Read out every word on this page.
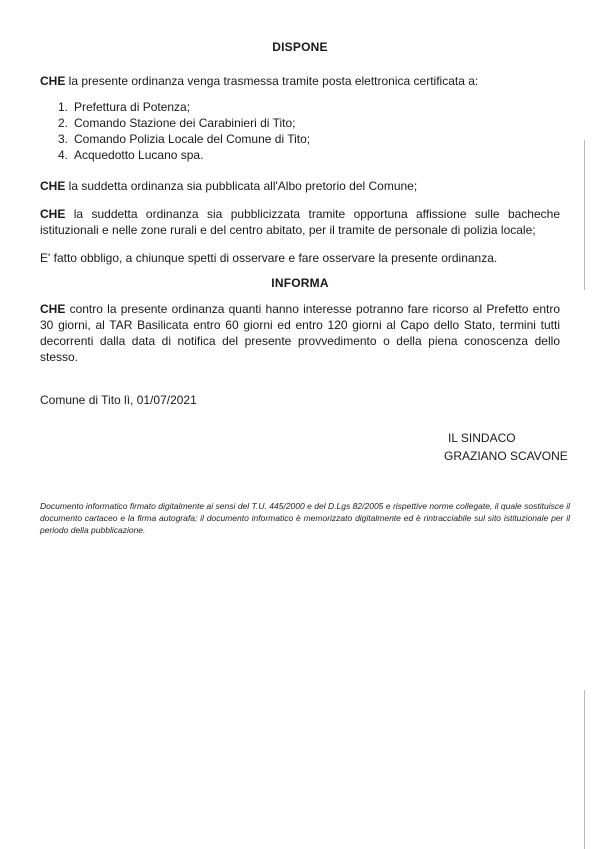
DISPONE
CHE la presente ordinanza venga trasmessa tramite posta elettronica certificata a:
1. Prefettura di Potenza;
2. Comando Stazione dei Carabinieri di Tito;
3. Comando Polizia Locale del Comune di Tito;
4. Acquedotto Lucano spa.
CHE la suddetta ordinanza sia pubblicata all'Albo pretorio del Comune;
CHE la suddetta ordinanza sia pubblicizzata tramite opportuna affissione sulle bacheche istituzionali e nelle zone rurali e del centro abitato, per il tramite de personale di polizia locale;
E' fatto obbligo, a chiunque spetti di osservare e fare osservare la presente ordinanza.
INFORMA
CHE contro la presente ordinanza quanti hanno interesse potranno fare ricorso al Prefetto entro 30 giorni, al TAR Basilicata entro 60 giorni ed entro 120 giorni al Capo dello Stato, termini tutti decorrenti dalla data di notifica del presente provvedimento o della piena conoscenza dello stesso.
Comune di Tito lì, 01/07/2021
IL SINDACO
GRAZIANO SCAVONE
Documento informatico firmato digitalmente ai sensi del T.U. 445/2000 e del D.Lgs 82/2005 e rispettive norme collegate, il quale sostituisce il documento cartaceo e la firma autografa; il documento informatico è memorizzato digitalmente ed è rintracciabile sul sito istituzionale per il periodo della pubblicazione.
